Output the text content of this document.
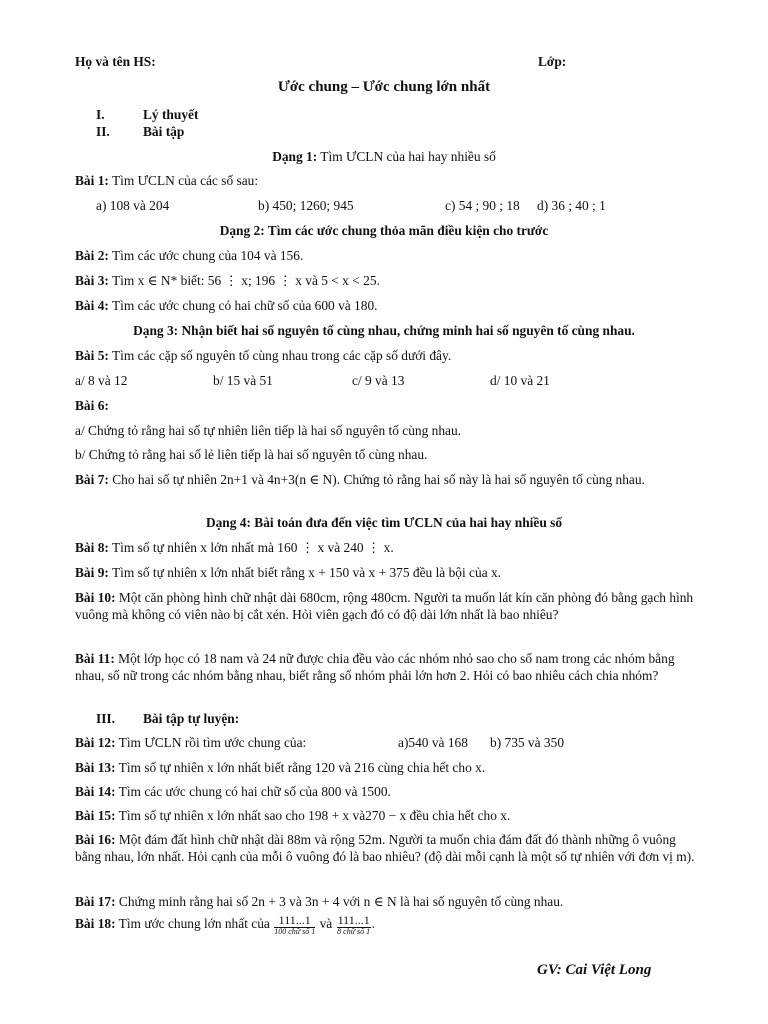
Họ và tên HS:	Lớp:
Ước chung – Ước chung lớn nhất
I.	Lý thuyết
II. Bài tập
Dạng 1: Tìm ƯCLN của hai hay nhiều số
Bài 1: Tìm ƯCLN của các số sau:
a) 108 và 204	b) 450; 1260; 945	c) 54 ; 90 ; 18 d) 36 ; 40 ; 1
Dạng 2: Tìm các ước chung thỏa mãn điều kiện cho trước
Bài 2: Tìm các ước chung của 104 và 156.
Bài 3: Tìm x ∈ N* biết: 56 ⋮ x; 196 ⋮ x và 5 < x < 25.
Bài 4: Tìm các ước chung có hai chữ số của 600 và 180.
Dạng 3: Nhận biết hai số nguyên tố cùng nhau, chứng minh hai số nguyên tố cùng nhau.
Bài 5: Tìm các cặp số nguyên tố cùng nhau trong các cặp số dưới đây.
a/ 8 và 12	b/ 15 và 51	c/ 9 và 13	d/ 10 và 21
Bài 6:
a/ Chứng tỏ rằng hai số tự nhiên liên tiếp là hai số nguyên tố cùng nhau.
b/ Chứng tỏ rằng hai số lẻ liên tiếp là hai số nguyên tố cùng nhau.
Bài 7: Cho hai số tự nhiên 2n+1 và 4n+3(n ∈ N). Chứng tỏ rằng hai số này là hai số nguyên tố cùng nhau.
Dạng 4: Bài toán đưa đến việc tìm ƯCLN của hai hay nhiều số
Bài 8: Tìm số tự nhiên x lớn nhất mà 160 ⋮ x và 240 ⋮ x.
Bài 9: Tìm số tự nhiên x lớn nhất biết rằng x + 150 và x + 375 đều là bội của x.
Bài 10: Một căn phòng hình chữ nhật dài 680cm, rộng 480cm. Người ta muốn lát kín căn phòng đó bằng gạch hình vuông mà không có viên nào bị cắt xén. Hỏi viên gạch đó có độ dài lớn nhất là bao nhiêu?
Bài 11: Một lớp học có 18 nam và 24 nữ được chia đều vào các nhóm nhỏ sao cho số nam trong các nhóm bằng nhau, số nữ trong các nhóm bằng nhau, biết rằng số nhóm phải lớn hơn 2. Hỏi có bao nhiêu cách chia nhóm?
III. Bài tập tự luyện:
Bài 12: Tìm ƯCLN rồi tìm ước chung của:	a)540 và 168 b) 735 và 350
Bài 13: Tìm số tự nhiên x lớn nhất biết rằng 120 và 216 cùng chia hết cho x.
Bài 14: Tìm các ước chung có hai chữ số của 800 và 1500.
Bài 15: Tìm số tự nhiên x lớn nhất sao cho 198 + x và270 − x đều chia hết cho x.
Bài 16: Một đám đất hình chữ nhật dài 88m và rộng 52m. Người ta muốn chia đám đất đó thành những ô vuông bằng nhau, lớn nhất. Hỏi cạnh của mỗi ô vuông đó là bao nhiêu? (độ dài mỗi cạnh là một số tự nhiên với đơn vị m).
Bài 17: Chứng minh rằng hai số 2n + 3 và 3n + 4 với n ∈ N là hai số nguyên tố cùng nhau.
Bài 18: Tìm ước chung lớn nhất của $\frac{111...1}{\text{100 chữ số 1}}$ và $\frac{111...1}{\text{8 chữ số 1}}$ .
GV: Cai Việt Long
